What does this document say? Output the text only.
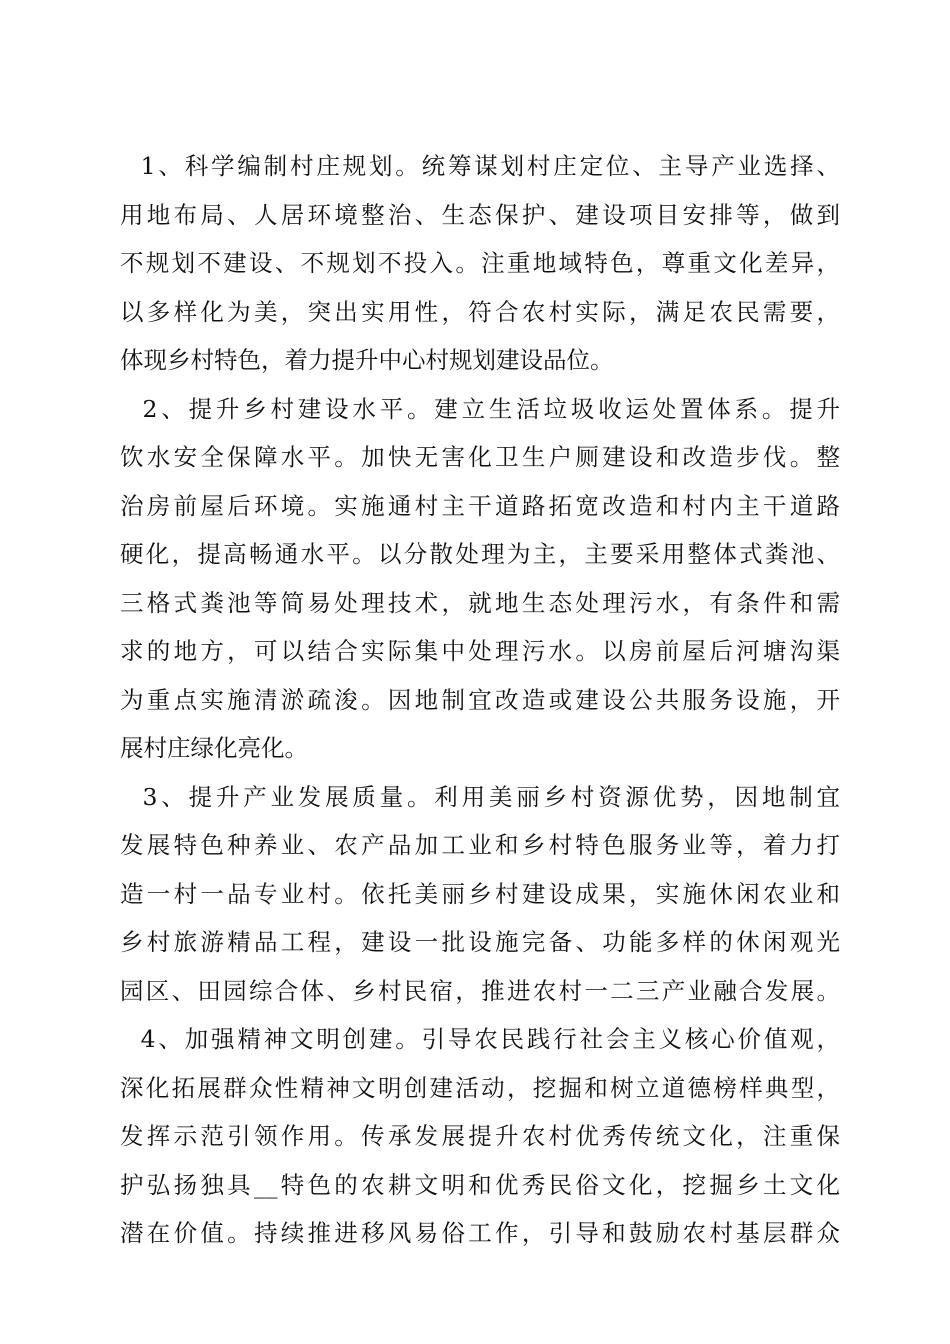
1、科学编制村庄规划。统筹谋划村庄定位、主导产业选择、
用地布局、人居环境整治、生态保护、建设项目安排等，做到
不规划不建设、不规划不投入。注重地域特色，尊重文化差异，
以多样化为美，突出实用性，符合农村实际，满足农民需要，
体现乡村特色，着力提升中心村规划建设品位。

2、提升乡村建设水平。建立生活垃圾收运处置体系。提升
饮水安全保障水平。加快无害化卫生户厕建设和改造步伐。整
治房前屋后环境。实施通村主干道路拓宽改造和村内主干道路
硬化，提高畅通水平。以分散处理为主，主要采用整体式粪池、
三格式粪池等简易处理技术，就地生态处理污水，有条件和需
求的地方，可以结合实际集中处理污水。以房前屋后河塘沟渠
为重点实施清淤疏浚。因地制宜改造或建设公共服务设施，开
展村庄绿化亮化。

3、提升产业发展质量。利用美丽乡村资源优势，因地制宜
发展特色种养业、农产品加工业和乡村特色服务业等，着力打
造一村一品专业村。依托美丽乡村建设成果，实施休闲农业和
乡村旅游精品工程，建设一批设施完备、功能多样的休闲观光
园区、田园综合体、乡村民宿，推进农村一二三产业融合发展。

4、加强精神文明创建。引导农民践行社会主义核心价值观，
深化拓展群众性精神文明创建活动，挖掘和树立道德榜样典型，
发挥示范引领作用。传承发展提升农村优秀传统文化，注重保
护弘扬独具__特色的农耕文明和优秀民俗文化，挖掘乡土文化
潜在价值。持续推进移风易俗工作，引导和鼓励农村基层群众
